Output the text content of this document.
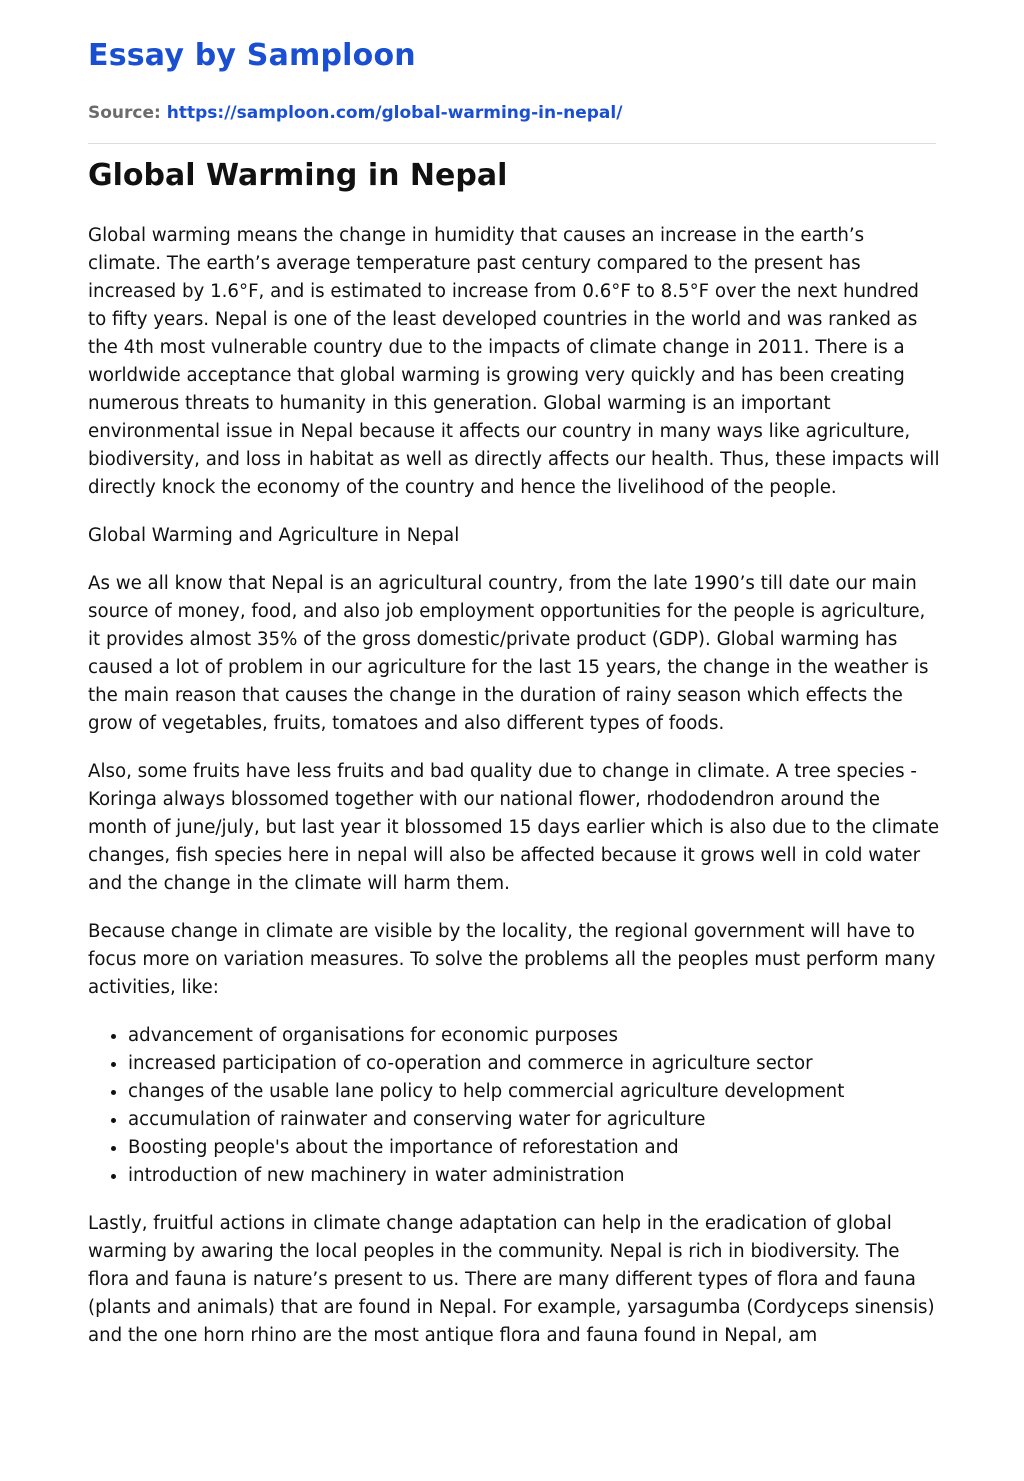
Essay by Samploon
Source: https://samploon.com/global-warming-in-nepal/
Global Warming in Nepal

Global warming means the change in humidity that causes an increase in the earth’s climate. The earth’s average temperature past century compared to the present has increased by 1.6°F, and is estimated to increase from 0.6°F to 8.5°F over the next hundred to fifty years. Nepal is one of the least developed countries in the world and was ranked as the 4th most vulnerable country due to the impacts of climate change in 2011. There is a worldwide acceptance that global warming is growing very quickly and has been creating numerous threats to humanity in this generation. Global warming is an important environmental issue in Nepal because it affects our country in many ways like agriculture, biodiversity, and loss in habitat as well as directly affects our health. Thus, these impacts will directly knock the economy of the country and hence the livelihood of the people.

Global Warming and Agriculture in Nepal

As we all know that Nepal is an agricultural country, from the late 1990’s till date our main source of money, food, and also job employment opportunities for the people is agriculture, it provides almost 35% of the gross domestic/private product (GDP). Global warming has caused a lot of problem in our agriculture for the last 15 years, the change in the weather is the main reason that causes the change in the duration of rainy season which effects the grow of vegetables, fruits, tomatoes and also different types of foods.

Also, some fruits have less fruits and bad quality due to change in climate. A tree species - Koringa always blossomed together with our national flower, rhododendron around the month of june/july, but last year it blossomed 15 days earlier which is also due to the climate changes, fish species here in nepal will also be affected because it grows well in cold water and the change in the climate will harm them.

Because change in climate are visible by the locality, the regional government will have to focus more on variation measures. To solve the problems all the peoples must perform many activities, like:

• advancement of organisations for economic purposes
• increased participation of co-operation and commerce in agriculture sector
• changes of the usable lane policy to help commercial agriculture development
• accumulation of rainwater and conserving water for agriculture
• Boosting people's about the importance of reforestation and
• introduction of new machinery in water administration

Lastly, fruitful actions in climate change adaptation can help in the eradication of global warming by awaring the local peoples in the community. Nepal is rich in biodiversity. The flora and fauna is nature’s present to us. There are many different types of flora and fauna (plants and animals) that are found in Nepal. For example, yarsagumba (Cordyceps sinensis) and the one horn rhino are the most antique flora and fauna found in Nepal, am
